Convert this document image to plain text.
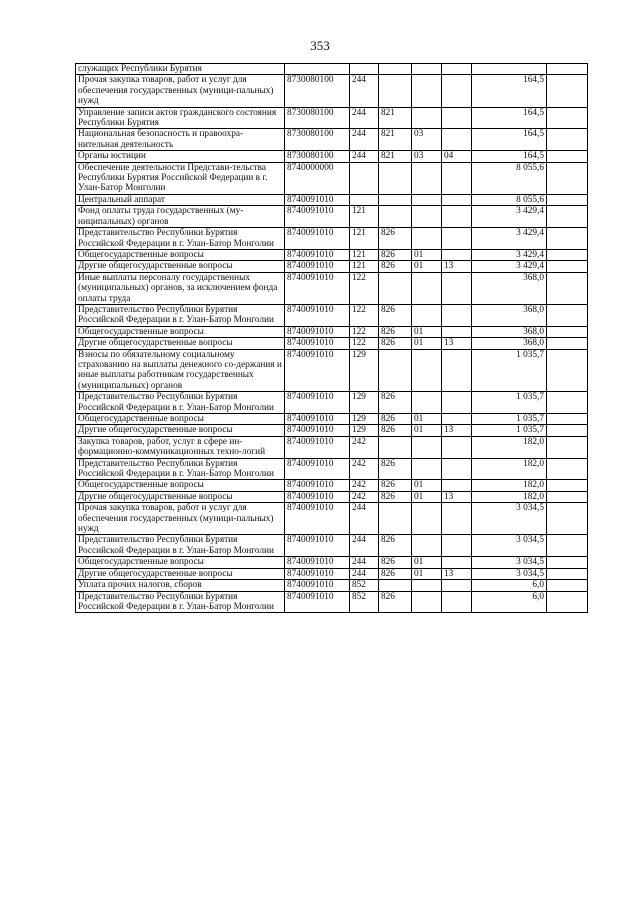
353
служащих Республики Бурятия							
Прочая закупка товаров, работ и услуг для обеспечения государственных (муници-пальных) нужд	8730080100	244				164,5	
Управление записи актов гражданского состояния Республики Бурятия	8730080100	244	821			164,5	
Национальная безопасность и правоохра-нительная деятельность	8730080100	244	821	03		164,5	
Органы юстиции	8730080100	244	821	03	04	164,5	
Обеспечение деятельности Представи-тельства Республики Бурятия Российской Федерации в г. Улан-Батор Монголии	8740000000					8 055,6	
Центральный аппарат	8740091010					8 055,6	
Фонд оплаты труда государственных (му-ниципальных) органов	8740091010	121				3 429,4	
Представительство Республики Бурятия Российской Федерации в г. Улан-Батор Монголии	8740091010	121	826			3 429,4	
Общегосударственные вопросы	8740091010	121	826	01		3 429,4	
Другие общегосударственные вопросы	8740091010	121	826	01	13	3 429,4	
Иные выплаты персоналу государственных (муниципальных) органов, за исключением фонда оплаты труда	8740091010	122				368,0	
Представительство Республики Бурятия Российской Федерации в г. Улан-Батор Монголии	8740091010	122	826			368,0	
Общегосударственные вопросы	8740091010	122	826	01		368,0	
Другие общегосударственные вопросы	8740091010	122	826	01	13	368,0	
Взносы по обязательному социальному страхованию на выплаты денежного со-держания и иные выплаты работникам государственных (муниципальных) органов	8740091010	129				1 035,7	
Представительство Республики Бурятия Российской Федерации в г. Улан-Батор Монголии	8740091010	129	826			1 035,7	
Общегосударственные вопросы	8740091010	129	826	01		1 035,7	
Другие общегосударственные вопросы	8740091010	129	826	01	13	1 035,7	
Закупка товаров, работ, услуг в сфере ин-формационно-коммуникационных техно-логий	8740091010	242				182,0	
Представительство Республики Бурятия Российской Федерации в г. Улан-Батор Монголии	8740091010	242	826			182,0	
Общегосударственные вопросы	8740091010	242	826	01		182,0	
Другие общегосударственные вопросы	8740091010	242	826	01	13	182,0	
Прочая закупка товаров, работ и услуг для обеспечения государственных (муници-пальных) нужд	8740091010	244				3 034,5	
Представительство Республики Бурятия Российской Федерации в г. Улан-Батор Монголии	8740091010	244	826			3 034,5	
Общегосударственные вопросы	8740091010	244	826	01		3 034,5	
Другие общегосударственные вопросы	8740091010	244	826	01	13	3 034,5	
Уплата прочих налогов, сборов	8740091010	852				6,0	
Представительство Республики Бурятия Российской Федерации в г. Улан-Батор Монголии	8740091010	852	826			6,0	
